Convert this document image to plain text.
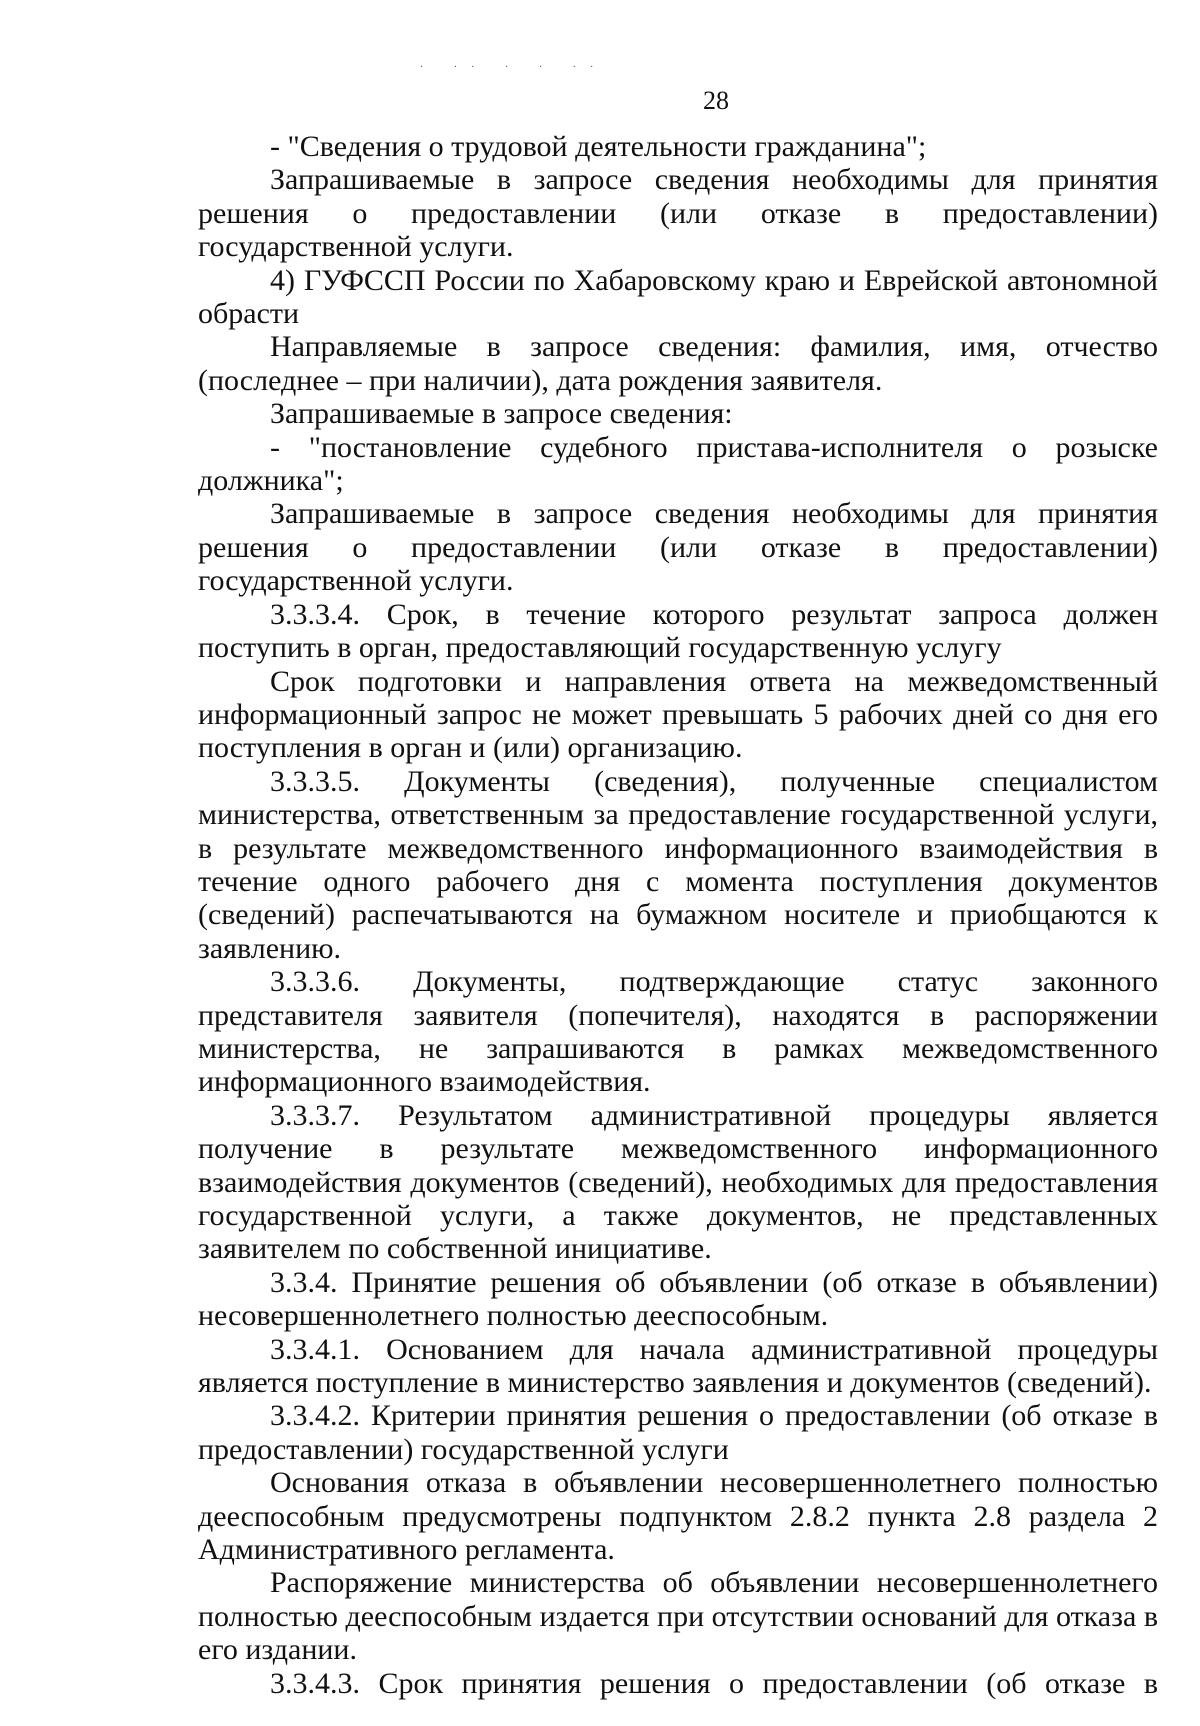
· ·· · · ··
28

- "Сведения о трудовой деятельности гражданина";

Запрашиваемые в запросе сведения необходимы для принятия решения о предоставлении (или отказе в предоставлении) государственной услуги.

4) ГУФССП России по Хабаровскому краю и Еврейской автономной обрасти

Направляемые в запросе сведения: фамилия, имя, отчество (последнее – при наличии), дата рождения заявителя.

Запрашиваемые в запросе сведения:

- "постановление судебного пристава-исполнителя о розыске должника";

Запрашиваемые в запросе сведения необходимы для принятия решения о предоставлении (или отказе в предоставлении) государственной услуги.

3.3.3.4. Срок, в течение которого результат запроса должен поступить в орган, предоставляющий государственную услугу

Срок подготовки и направления ответа на межведомственный информационный запрос не может превышать 5 рабочих дней со дня его поступления в орган и (или) организацию.

3.3.3.5. Документы (сведения), полученные специалистом министерства, ответственным за предоставление государственной услуги, в результате межведомственного информационного взаимодействия в течение одного рабочего дня с момента поступления документов (сведений) распечатываются на бумажном носителе и приобщаются к заявлению.

3.3.3.6. Документы, подтверждающие статус законного представителя заявителя (попечителя), находятся в распоряжении министерства, не запрашиваются в рамках межведомственного информационного взаимодействия.

3.3.3.7. Результатом административной процедуры является получение в результате межведомственного информационного взаимодействия документов (сведений), необходимых для предоставления государственной услуги, а также документов, не представленных заявителем по собственной инициативе.

3.3.4. Принятие решения об объявлении (об отказе в объявлении) несовершеннолетнего полностью дееспособным.

3.3.4.1. Основанием для начала административной процедуры является поступление в министерство заявления и документов (сведений).

3.3.4.2. Критерии принятия решения о предоставлении (об отказе в предоставлении) государственной услуги

Основания отказа в объявлении несовершеннолетнего полностью дееспособным предусмотрены подпунктом 2.8.2 пункта 2.8 раздела 2 Административного регламента.

Распоряжение министерства об объявлении несовершеннолетнего полностью дееспособным издается при отсутствии оснований для отказа в его издании.

3.3.4.3. Срок принятия решения о предоставлении (об отказе в
